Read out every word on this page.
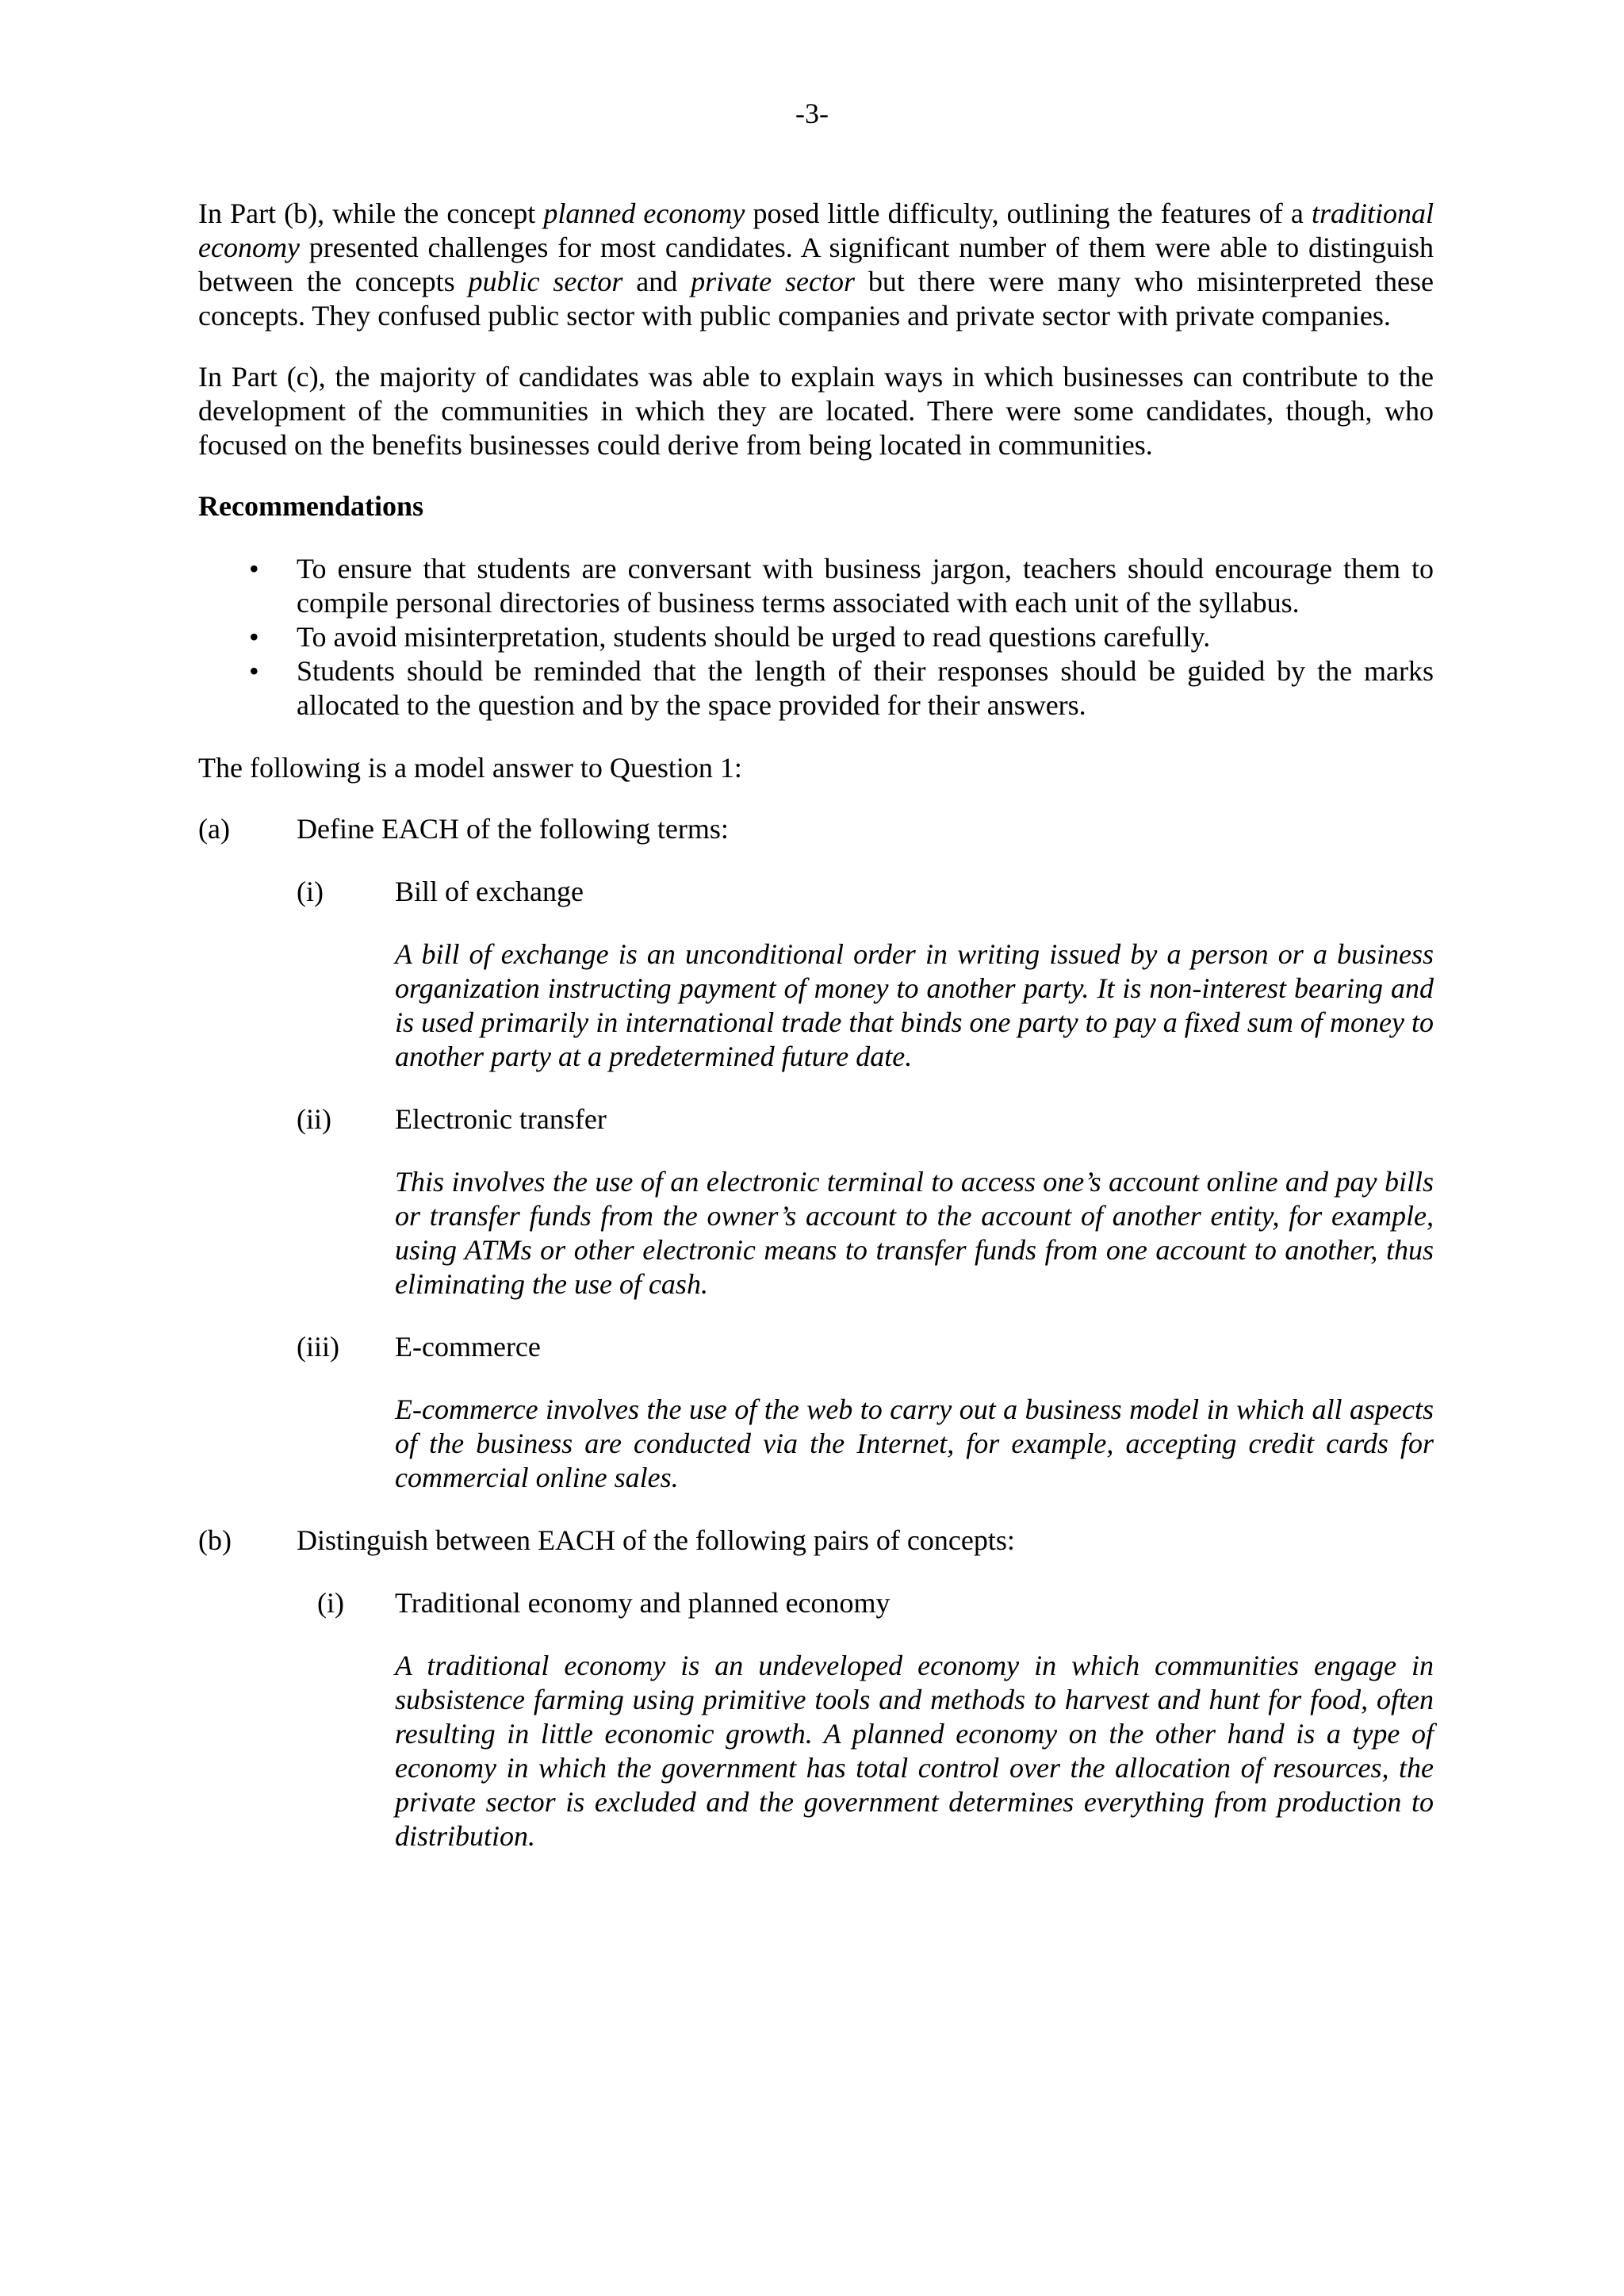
-3-

In Part (b), while the concept planned economy posed little difficulty, outlining the features of a traditional economy presented challenges for most candidates. A significant number of them were able to distinguish between the concepts public sector and private sector but there were many who misinterpreted these concepts. They confused public sector with public companies and private sector with private companies.

In Part (c), the majority of candidates was able to explain ways in which businesses can contribute to the development of the communities in which they are located. There were some candidates, though, who focused on the benefits businesses could derive from being located in communities.

Recommendations

• To ensure that students are conversant with business jargon, teachers should encourage them to compile personal directories of business terms associated with each unit of the syllabus.
• To avoid misinterpretation, students should be urged to read questions carefully.
• Students should be reminded that the length of their responses should be guided by the marks allocated to the question and by the space provided for their answers.

The following is a model answer to Question 1:

(a) Define EACH of the following terms:
(i)	Bill of exchange

A bill of exchange is an unconditional order in writing issued by a person or a business organization instructing payment of money to another party. It is non-interest bearing and is used primarily in international trade that binds one party to pay a fixed sum of money to another party at a predetermined future date.

(ii) Electronic transfer

This involves the use of an electronic terminal to access one’s account online and pay bills or transfer funds from the owner’s account to the account of another entity, for example, using ATMs or other electronic means to transfer funds from one account to another, thus eliminating the use of cash.

(iii) E-commerce

E-commerce involves the use of the web to carry out a business model in which all aspects of the business are conducted via the Internet, for example, accepting credit cards for commercial online sales.

(b) Distinguish between EACH of the following pairs of concepts:
(i) Traditional economy and planned economy

A traditional economy is an undeveloped economy in which communities engage in subsistence farming using primitive tools and methods to harvest and hunt for food, often resulting in little economic growth. A planned economy on the other hand is a type of economy in which the government has total control over the allocation of resources, the private sector is excluded and the government determines everything from production to distribution.
